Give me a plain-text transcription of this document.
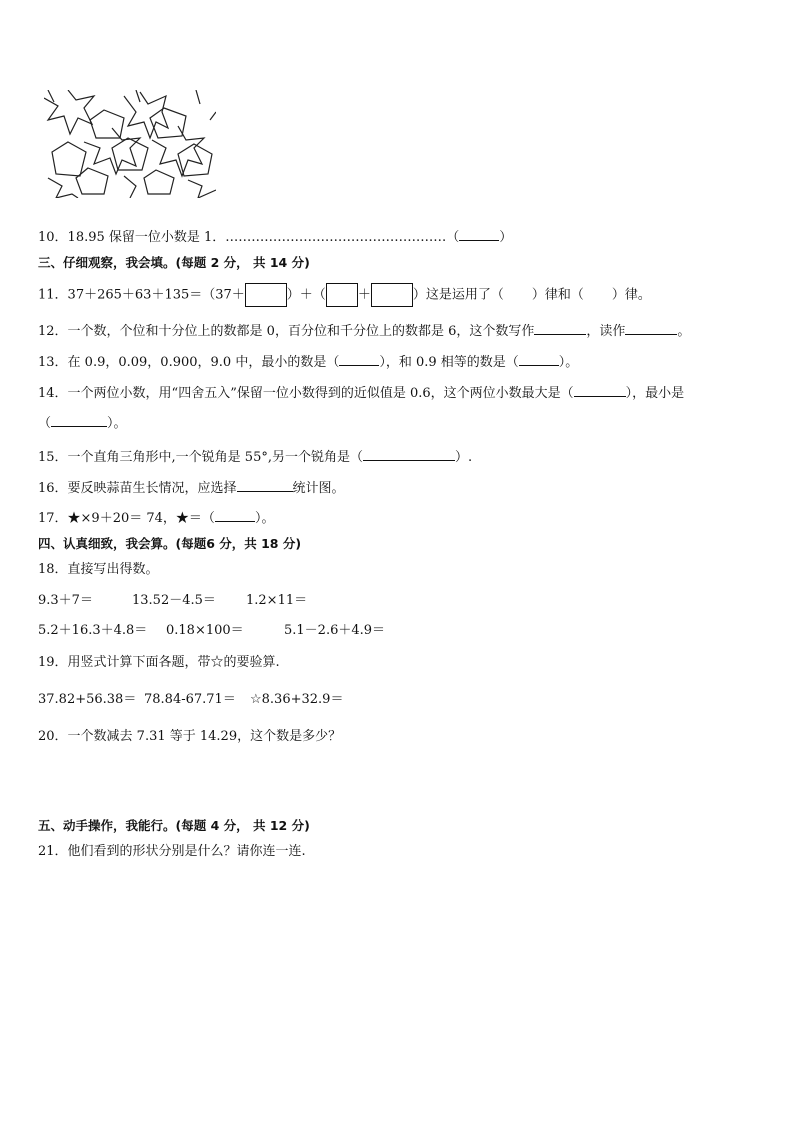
10．18.95 保留一位小数是 1．……………………………………………（	）
三、仔细观察，我会填。(每题 2 分， 共 14 分)
11．37＋265＋63＋135＝（37＋	）＋（ ＋	）这是运用了（ ）律和（ ）律。
12．一个数，个位和十分位上的数都是 0，百分位和千分位上的数都是 6，这个数写作	，读作	。
13．在 0.9，0.09，0.900，9.0 中，最小的数是（	），和 0.9 相等的数是（	）。
14．一个两位小数，用“四舍五入”保留一位小数得到的近似值是 0.6，这个两位小数最大是（	），最小是
（	）。
15．一个直角三角形中,一个锐角是 55°,另一个锐角是（	）.
16．要反映蒜苗生长情况，应选择	统计图。
17．★×9＋20＝ 74，★＝（	）。
四、认真细致，我会算。(每题6 分，共 18 分)
18．直接写出得数。
9.3＋7＝	13.52－4.5＝ 1.2×11＝
5.2＋16.3＋4.8＝ 0.18×100＝	5.1－2.6＋4.9＝
19．用竖式计算下面各题，带☆的要验算.
37.82+56.38＝ 78.84-67.71＝ ☆8.36+32.9＝
20．一个数减去 7.31 等于 14.29，这个数是多少？
五、动手操作，我能行。(每题 4 分， 共 12 分)
21．他们看到的形状分别是什么？请你连一连.
